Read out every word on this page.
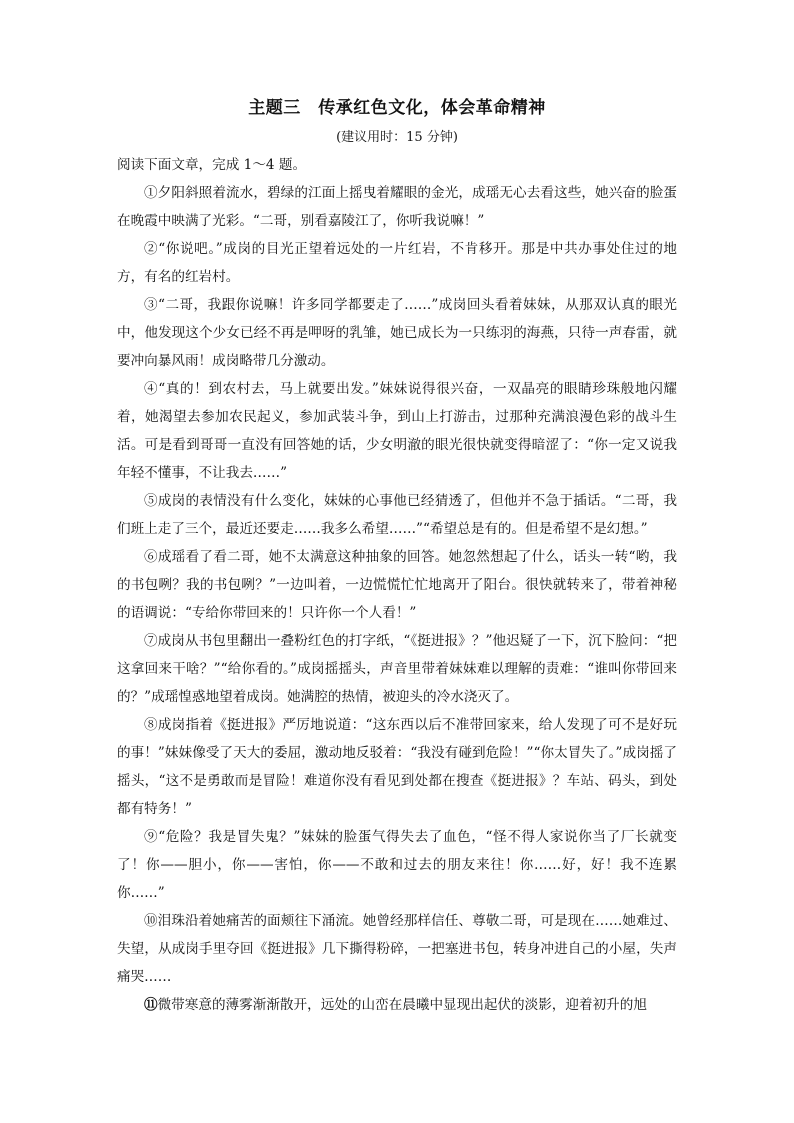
主题三　传承红色文化，体会革命精神
(建议用时：15 分钟)
阅读下面文章，完成 1～4 题。

①夕阳斜照着流水，碧绿的江面上摇曳着耀眼的金光，成瑶无心去看这些，她兴奋的脸蛋在晚霞中映满了光彩。“二哥，别看嘉陵江了，你听我说嘛！”

②“你说吧。”成岗的目光正望着远处的一片红岩，不肯移开。那是中共办事处住过的地方，有名的红岩村。

③“二哥，我跟你说嘛！许多同学都要走了……”成岗回头看着妹妹，从那双认真的眼光中，他发现这个少女已经不再是呷呀的乳雏，她已成长为一只练羽的海燕，只待一声春雷，就要冲向暴风雨！成岗略带几分激动。

④“真的！到农村去，马上就要出发。”妹妹说得很兴奋，一双晶亮的眼睛珍珠般地闪耀着，她渴望去参加农民起义，参加武装斗争，到山上打游击，过那种充满浪漫色彩的战斗生活。可是看到哥哥一直没有回答她的话，少女明澈的眼光很快就变得暗涩了：“你一定又说我年轻不懂事，不让我去……”

⑤成岗的表情没有什么变化，妹妹的心事他已经猜透了，但他并不急于插话。“二哥，我们班上走了三个，最近还要走……我多么希望……”“希望总是有的。但是希望不是幻想。”

⑥成瑶看了看二哥，她不太满意这种抽象的回答。她忽然想起了什么，话头一转“哟，我的书包咧？我的书包咧？”一边叫着，一边慌慌忙忙地离开了阳台。很快就转来了，带着神秘的语调说：“专给你带回来的！只许你一个人看！”

⑦成岗从书包里翻出一叠粉红色的打字纸，“《挺进报》？”他迟疑了一下，沉下脸问：“把这拿回来干啥？”“给你看的。”成岗摇摇头，声音里带着妹妹难以理解的责难：“谁叫你带回来的？”成瑶惶惑地望着成岗。她满腔的热情，被迎头的冷水浇灭了。

⑧成岗指着《挺进报》严厉地说道：“这东西以后不准带回家来，给人发现了可不是好玩的事！”妹妹像受了天大的委屈，激动地反驳着：“我没有碰到危险！”“你太冒失了。”成岗摇了摇头，“这不是勇敢而是冒险！难道你没有看见到处都在搜查《挺进报》？车站、码头，到处都有特务！”

⑨“危险？我是冒失鬼？”妹妹的脸蛋气得失去了血色，“怪不得人家说你当了厂长就变了！你——胆小，你——害怕，你——不敢和过去的朋友来往！你……好，好！我不连累你……”

⑩泪珠沿着她痛苦的面颊往下涌流。她曾经那样信任、尊敬二哥，可是现在……她难过、失望，从成岗手里夺回《挺进报》几下撕得粉碎，一把塞进书包，转身冲进自己的小屋，失声痛哭……

⑪微带寒意的薄雾渐渐散开，远处的山峦在晨曦中显现出起伏的淡影，迎着初升的旭
